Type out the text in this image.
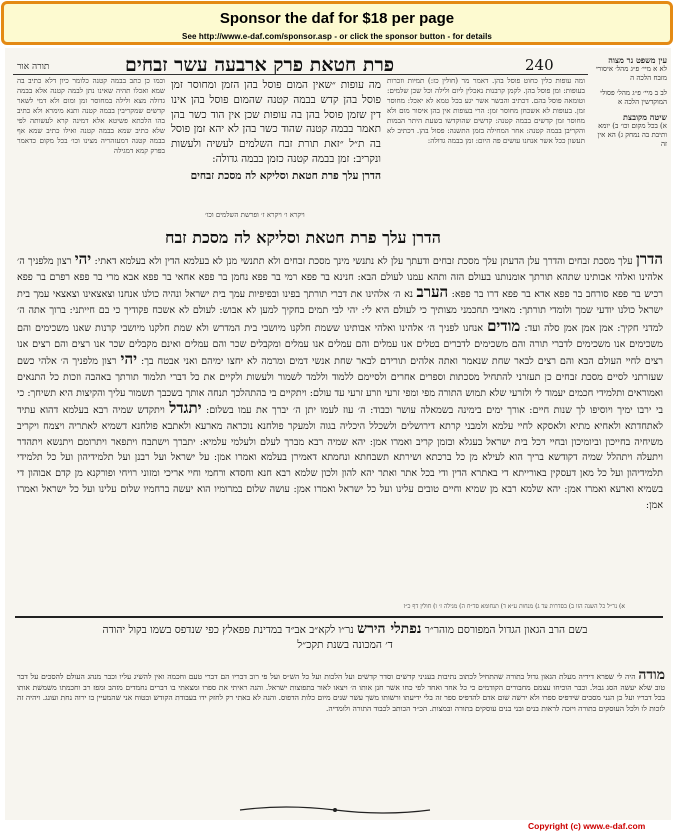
Sponsor the daf for $18 per page
See http://www.e-daf.com/sponsor.asp - or click the sponsor button - for details
תורה אור	פרת חטאת פרק ארבעה עשר זבחים	240	עין משפט נר מצוה
לא א מיי׳ פ״ג מהל׳ איסורי מזבח הלכה ה
לב ב מיי׳ פ״ג מהל׳ פסולי המוקדשין הלכה א
שיטה מקובצת
א) בכל מקום וכו׳ ב) יומא ותיבת בה נמחק ג) הא אין זה
ומה עופות כלין כחוט פוסל בהן. דאמר מר (חולין כז:) תמיות וזכרות בעופות: ומן פוסל בהן. לקמן קרבנות נאכלין ליום ולילה וכל שכן שלמים: וטומאה פוסל בהם. דכתיב והבשר אשר יגע בכל טמא לא יאכל: מחוסר זמן. בעופות לא אשכחן מחוסר זמן: הרי בעופות אין בהן איסור מום ולא מחוסר זמן קדשים בבמה קטנה: קדשים שהוקדשו בשעת היתר הבמות והקריבן בבמה קטנה: אחר המחילה בזמן התשנה: פסול בהן. דכתיב לא תעשון ככל אשר אנחנו עושים פה היום: זמן בבמה גדולה:
מה עופות ״שאין המום פוסל בהן הזמן ומחוסר זמן פוסל בהן קדש בבמה קטנה שהמום פוסל בהן אינו דין שזמן פוסל בהן בה עופות שכן אין הוד כשר בהן תאמר בבמה קטנה שהוד כשר בהן לא יהא זמן פוסל בה ת״ל ״זאת תורת זבח השלמים לעשיה ולעשות ונקריב: זמן בבמה קטנה כזמן בבמה גדולה:
הדרן עלך פרת חטאת וסליקא לה מסכת זבחים
וכמו כן כתב בבמה קטנה כלומר כיון דלא כתיב בה שמא ואכלו תהיה שאינו נתן לבמה קטנה אלא בבמה גדולה מצא ולילה במחוסר זמן ומום ולא דמי לשאר קדשים שמקריבין בבמה קטנה ותנא מימרא ולא כתיב בהו הלכתא פשיטא אלא דמינה קרא לעשותה לפי שלא כתיב שמא בבמה קטנה ואילו כתיב שמא אף בבמה קטנה דמעזהריה מצינו וכו׳ בכל מקום כדאמר בפרק קמא דמגילה
ויקרא ו׳ ויקרא ז׳ ופרשת השלמים וכו׳
הדרן עלך פרת חטאת וסליקא לה מסכת זבח
הדרן עלך מסכת זבחים והדרך עלן הדעתן עלך מסכת זבחים ודעתך עלן לא נתנשי מינך מסכת זבחים ולא תתנשי מנן לא בעלמא הדין ולא בעלמא דאתי: יהי רצון מלפניך ה׳ אלהינו ואלהי אבותינו שתהא תורתך אומנותנו בעולם הזה ותהא עמנו לעולם הבא: חנינא בר פפא רמי בר פפא נחמן בר פפא אחאי בר פפא אבא מרי בר פפא רפרם בר פפא רכיש בר פפא סורחב בר פפא אדא בר פפא דרו בר פפא: הערב נא ה׳ אלהינו את דברי תורתך בפינו ובפיפיות עמך בית ישראל ונהיה כולנו אנחנו וצאצאינו וצאצאי עמך בית ישראל כולנו יודעי שמך ולומדי תורתך: מאויבי תחכמני מצותיך כי לעולם היא לי: יהי לבי תמים בחקיך למען לא אבוש: לעולם לא אשכח פקודיך כי בם חייתני: ברוך אתה ה׳ למדני חקיך: אמן אמן אמן סלה ועד: מודים אנחנו לפניך ה׳ אלהינו ואלהי אבותינו ששמת חלקנו מיושבי בית המדרש ולא שמת חלקנו מיושבי קרנות שאנו משכימים והם משכימים אנו משכימים לדברי תורה והם משכימים לדברים בטלים אנו עמלים והם עמלים אנו עמלים ומקבלים שכר והם עמלים ואינם מקבלים שכר אנו רצים והם רצים אנו רצים לחיי העולם הבא והם רצים לבאר שחת שנאמר ואתה אלהים תורידם לבאר שחת אנשי דמים ומרמה לא יחצו ימיהם ואני אבטח בך: יהי רצון מלפניך ה׳ אלהי כשם שעזרתני לסיים מסכת זבחים כן תעזרני להתחיל מסכתות וספרים אחרים ולסיימם ללמוד וללמד לשמור ולעשות ולקיים את כל דברי תלמוד תורתך באהבה וזכות כל התנאים ואמוראים ותלמידי חכמים יעמוד לי ולזרעי שלא תמוש התורה מפי ומפי זרעי וזרע זרעי עד עולם: ויתקיים בי בהתהלכך תנחה אותך בשכבך תשמור עליך והקיצות היא תשיחך: כי בי ירבו ימיך ויוסיפו לך שנות חיים: אורך ימים בימינה בשמאלה עושר וכבוד: ה׳ עוז לעמו יתן ה׳ יברך את עמו בשלום: יתגדל ויתקדש שמיה רבא בעלמא דהוא עתיד לאתחדתא ולאחיא מתיא ולאסקא לחיי עלמא ולמבני קרתא דירושלים ולשכלל היכליה בגוה ולמעקר פולחנא נוכראה מארעא ולאתבא פולחנא דשמיא לאתריה ויצמח ויקריב משיחיה בחייכון וביומיכון ובחיי דכל בית ישראל בעגלא ובזמן קריב ואמרו אמן: יהא שמיה רבא מברך לעלם ולעלמי עלמיא: יתברך וישתבח ויתפאר ויתרומם ויתנשא ויתהדר ויתעלה ויתהלל שמיה דקודשא בריך הוא לעילא מן כל ברכתא ושירתא תשבחתא ונחמתא דאמירן בעלמא ואמרו אמן: על ישראל ועל רבנן ועל תלמידיהון ועל כל תלמידי תלמידיהון ועל כל מאן דעסקין באורייתא די באתרא הדין ודי בכל אתר ואתר יהא להון ולכון שלמא רבא חנא וחסדא ורחמי וחיי אריכי ומזוני רויחי ופורקנא מן קדם אבוהון די בשמיא וארעא ואמרו אמן: יהא שלמא רבא מן שמיא וחיים טובים עלינו ועל כל ישראל ואמרו אמן: עושה שלום במרומיו הוא יעשה ברחמיו שלום עלינו ועל כל ישראל ואמרו אמן:
א) נר״ל כל השנה הזו ב) בסדרות עד ג) מנחות ע״א ד) תנחומא סד״ח ה) מגילה ז׳ ו) חולין דף כ״ז
בשם הרב הגאון הגדול המפורסם מוהר״ר נפתלי הירש נר״ו לקא״ב אב״ד במדינת פפאלץ כפי שנדפס בשמו בקול יהודה
ד׳ המכונה בשנת תקכ״ל
מודה היה לי שפרא דידיה מעלת הגאון גדול בתורה שהתחיל לכתוב נתיבות בעניני קדשים וסדר קדשים ועל הלכות ועל כל הש״ס ועל פי רוב דבריו הם דברי טעם וחכמה ואין להשיג עליו וכבר מנהג העולם להסכים על דבר טוב שלא יעשה הסג גבול. וכבר הוכיחו עצמם מחבורים הקודמים כי כל אחד ואחד לפי כחו אשר חנן אותו ה׳ ויצאו לאור בתפוצות ישראל. והנה ראיתי את ספרו ומצאתי בו דברים נחמדים מזהב ומפז רב וחכמתו משמשת אותו בכל דבריו ועל כן הנני מסכים שידפיס ספרו ולא ירשה שום אדם להדפיס ספר זה בלי ידיעתו ורשותו משך עשר שנים מיום כלות הדפוס. והנה לא באתי רק לחזק ידו בעבודת הקודש ובטוח אני שהמעיין בו ירוה נחת ועונג. ויהיה זה לזכות לו ולכל העוסקים בתורה ויזכה לראות בנים ובני בנים עוסקים בתורה ובמצות. הכ״ד הכותב לכבוד התורה ולומדיה.
Copyright (c) www.e-daf.com
